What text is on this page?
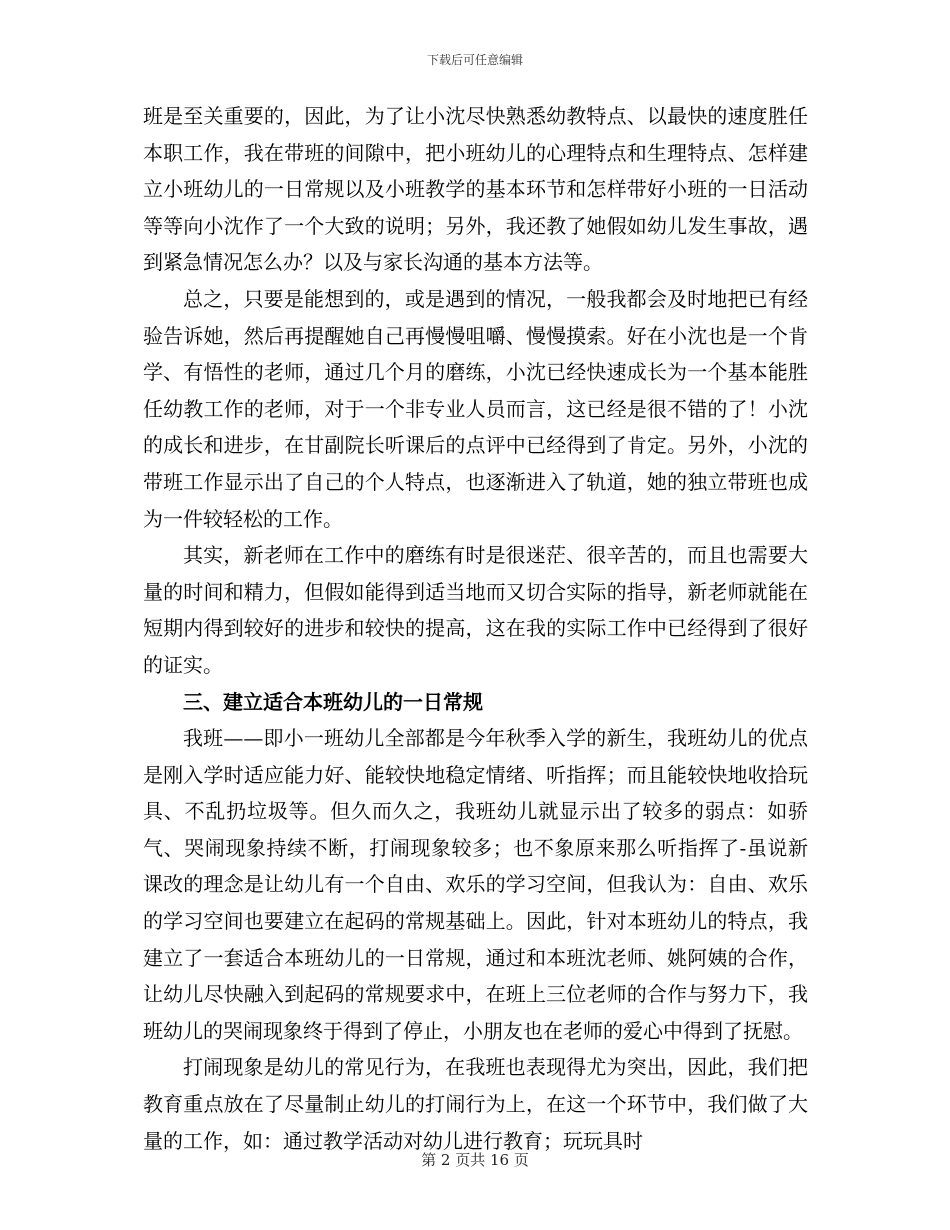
下载后可任意编辑

班是至关重要的，因此，为了让小沈尽快熟悉幼教特点、以最快的速度胜任本职工作，我在带班的间隙中，把小班幼儿的心理特点和生理特点、怎样建立小班幼儿的一日常规以及小班教学的基本环节和怎样带好小班的一日活动等等向小沈作了一个大致的说明；另外，我还教了她假如幼儿发生事故，遇到紧急情况怎么办？以及与家长沟通的基本方法等。

总之，只要是能想到的，或是遇到的情况，一般我都会及时地把已有经验告诉她，然后再提醒她自己再慢慢咀嚼、慢慢摸索。好在小沈也是一个肯学、有悟性的老师，通过几个月的磨练，小沈已经快速成长为一个基本能胜任幼教工作的老师，对于一个非专业人员而言，这已经是很不错的了！小沈的成长和进步，在甘副院长听课后的点评中已经得到了肯定。另外，小沈的带班工作显示出了自己的个人特点，也逐渐进入了轨道，她的独立带班也成为一件较轻松的工作。

其实，新老师在工作中的磨练有时是很迷茫、很辛苦的，而且也需要大量的时间和精力，但假如能得到适当地而又切合实际的指导，新老师就能在短期内得到较好的进步和较快的提高，这在我的实际工作中已经得到了很好的证实。

三、建立适合本班幼儿的一日常规

我班——即小一班幼儿全部都是今年秋季入学的新生，我班幼儿的优点是刚入学时适应能力好、能较快地稳定情绪、听指挥；而且能较快地收拾玩具、不乱扔垃圾等。但久而久之，我班幼儿就显示出了较多的弱点：如骄气、哭闹现象持续不断，打闹现象较多；也不象原来那么听指挥了-虽说新课改的理念是让幼儿有一个自由、欢乐的学习空间，但我认为：自由、欢乐的学习空间也要建立在起码的常规基础上。因此，针对本班幼儿的特点，我建立了一套适合本班幼儿的一日常规，通过和本班沈老师、姚阿姨的合作，让幼儿尽快融入到起码的常规要求中，在班上三位老师的合作与努力下，我班幼儿的哭闹现象终于得到了停止，小朋友也在老师的爱心中得到了抚慰。

打闹现象是幼儿的常见行为，在我班也表现得尤为突出，因此，我们把教育重点放在了尽量制止幼儿的打闹行为上，在这一个环节中，我们做了大量的工作，如：通过教学活动对幼儿进行教育；玩玩具时

第 2 页共 16 页
